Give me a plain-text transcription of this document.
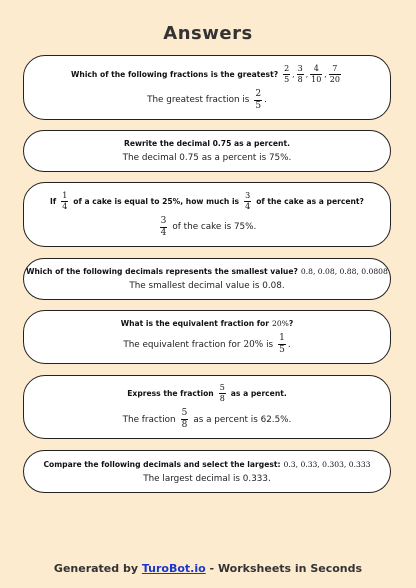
Answers
Which of the following fractions is the greatest? $\frac{2}{5}$ , $\frac{3}{8}$ , $\frac{4}{10}$ , $\frac{7}{20}$
The greatest fraction is $\frac{2}{5}$ .
Rewrite the decimal 0.75 as a percent.
The decimal 0.75 as a percent is 75%.
If $\frac{1}{4}$ of a cake is equal to 25%, how much is $\frac{3}{4}$ of the cake as a percent?
$\frac{3}{4}$ of the cake is 75%.
Which of the following decimals represents the smallest value? 0.8, 0.08, 0.88, 0.0808
The smallest decimal value is 0.08.
What is the equivalent fraction for 20% ?
The equivalent fraction for 20% is $\frac{1}{5}$ .
Express the fraction $\frac{5}{8}$ as a percent.
The fraction $\frac{5}{8}$ as a percent is 62.5%.
Compare the following decimals and select the largest: 0.3, 0.33, 0.303, 0.333
The largest decimal is 0.333.
Generated by TuroBot.io - Worksheets in Seconds
